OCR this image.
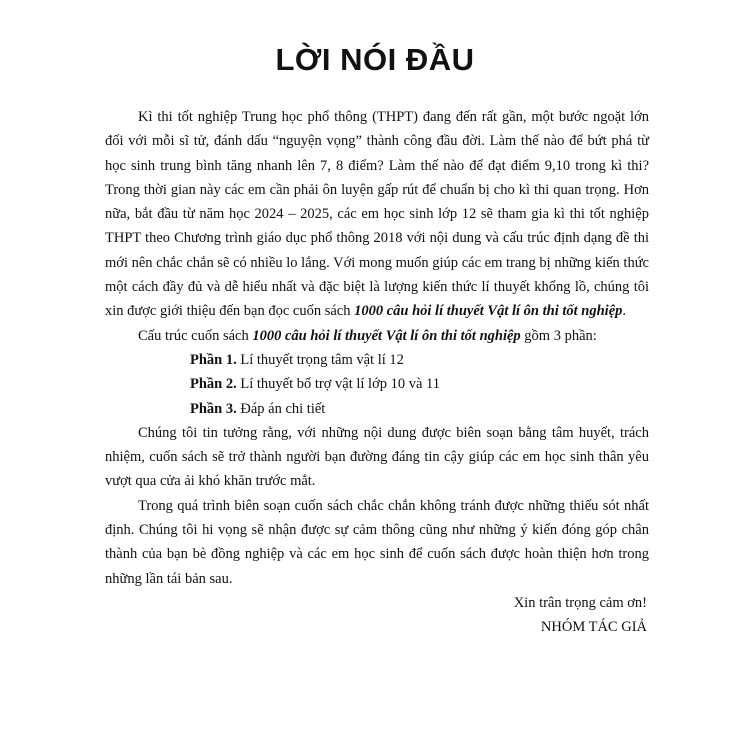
LỜI NÓI ĐẦU

Kì thi tốt nghiệp Trung học phổ thông (THPT) đang đến rất gần, một bước ngoặt lớn đối với mỗi sĩ tử, đánh dấu “nguyện vọng” thành công đầu đời. Làm thế nào để bứt phá từ học sinh trung bình tăng nhanh lên 7, 8 điểm? Làm thế nào để đạt điểm 9,10 trong kì thi? Trong thời gian này các em cần phải ôn luyện gấp rút để chuẩn bị cho kì thi quan trọng. Hơn nữa, bắt đầu từ năm học 2024 – 2025, các em học sinh lớp 12 sẽ tham gia kì thi tốt nghiệp THPT theo Chương trình giáo dục phổ thông 2018 với nội dung và cấu trúc định dạng đề thi mới nên chắc chắn sẽ có nhiều lo lắng. Với mong muốn giúp các em trang bị những kiến thức một cách đầy đủ và dễ hiểu nhất và đặc biệt là lượng kiến thức lí thuyết khổng lồ, chúng tôi xin được giới thiệu đến bạn đọc cuốn sách 1000 câu hỏi lí thuyết Vật lí ôn thi tốt nghiệp.

Cấu trúc cuốn sách 1000 câu hỏi lí thuyết Vật lí ôn thi tốt nghiệp gồm 3 phần:

Phần 1. Lí thuyết trọng tâm vật lí 12

Phần 2. Lí thuyết bổ trợ vật lí lớp 10 và 11

Phần 3. Đáp án chi tiết

Chúng tôi tin tưởng rằng, với những nội dung được biên soạn bằng tâm huyết, trách nhiệm, cuốn sách sẽ trở thành người bạn đường đáng tin cậy giúp các em học sinh thân yêu vượt qua cửa ải khó khăn trước mắt.

Trong quá trình biên soạn cuốn sách chắc chắn không tránh được những thiếu sót nhất định. Chúng tôi hi vọng sẽ nhận được sự cảm thông cũng như những ý kiến đóng góp chân thành của bạn bè đồng nghiệp và các em học sinh để cuốn sách được hoàn thiện hơn trong những lần tái bản sau.

Xin trân trọng cảm ơn!

NHÓM TÁC GIẢ
